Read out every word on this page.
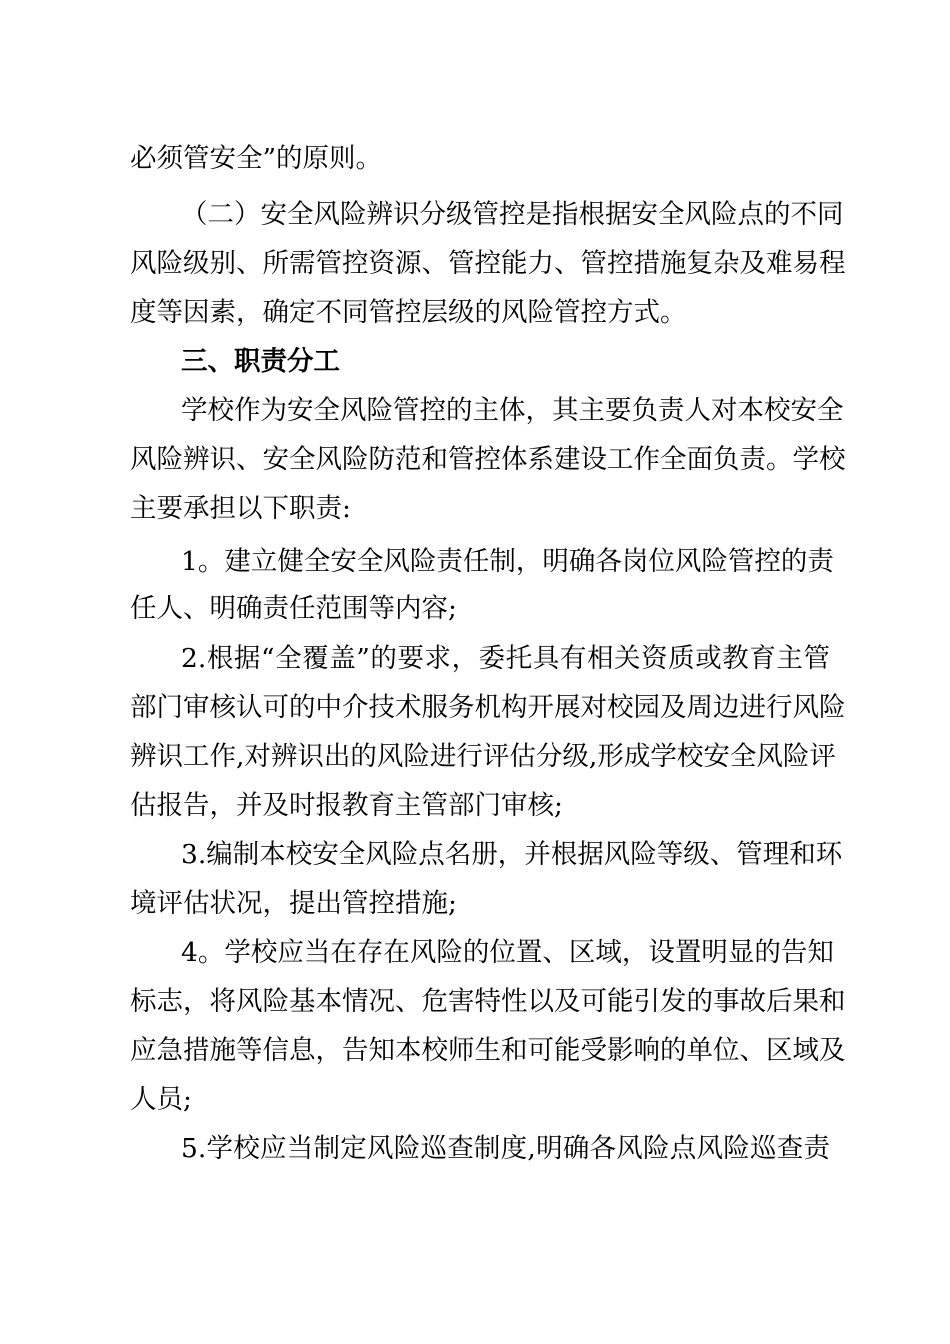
必须管安全”的原则。
（二）安全风险辨识分级管控是指根据安全风险点的不同
风险级别、所需管控资源、管控能力、管控措施复杂及难易程
度等因素，确定不同管控层级的风险管控方式。
三、职责分工
学校作为安全风险管控的主体，其主要负责人对本校安全
风险辨识、安全风险防范和管控体系建设工作全面负责。学校
主要承担以下职责:
1。建立健全安全风险责任制，明确各岗位风险管控的责
任人、明确责任范围等内容;
2.根据“全覆盖”的要求，委托具有相关资质或教育主管
部门审核认可的中介技术服务机构开展对校园及周边进行风险
辨识工作,对辨识出的风险进行评估分级,形成学校安全风险评
估报告，并及时报教育主管部门审核;
3.编制本校安全风险点名册，并根据风险等级、管理和环
境评估状况，提出管控措施;
4。学校应当在存在风险的位置、区域，设置明显的告知
标志，将风险基本情况、危害特性以及可能引发的事故后果和
应急措施等信息，告知本校师生和可能受影响的单位、区域及
人员;
5.学校应当制定风险巡查制度,明确各风险点风险巡查责
